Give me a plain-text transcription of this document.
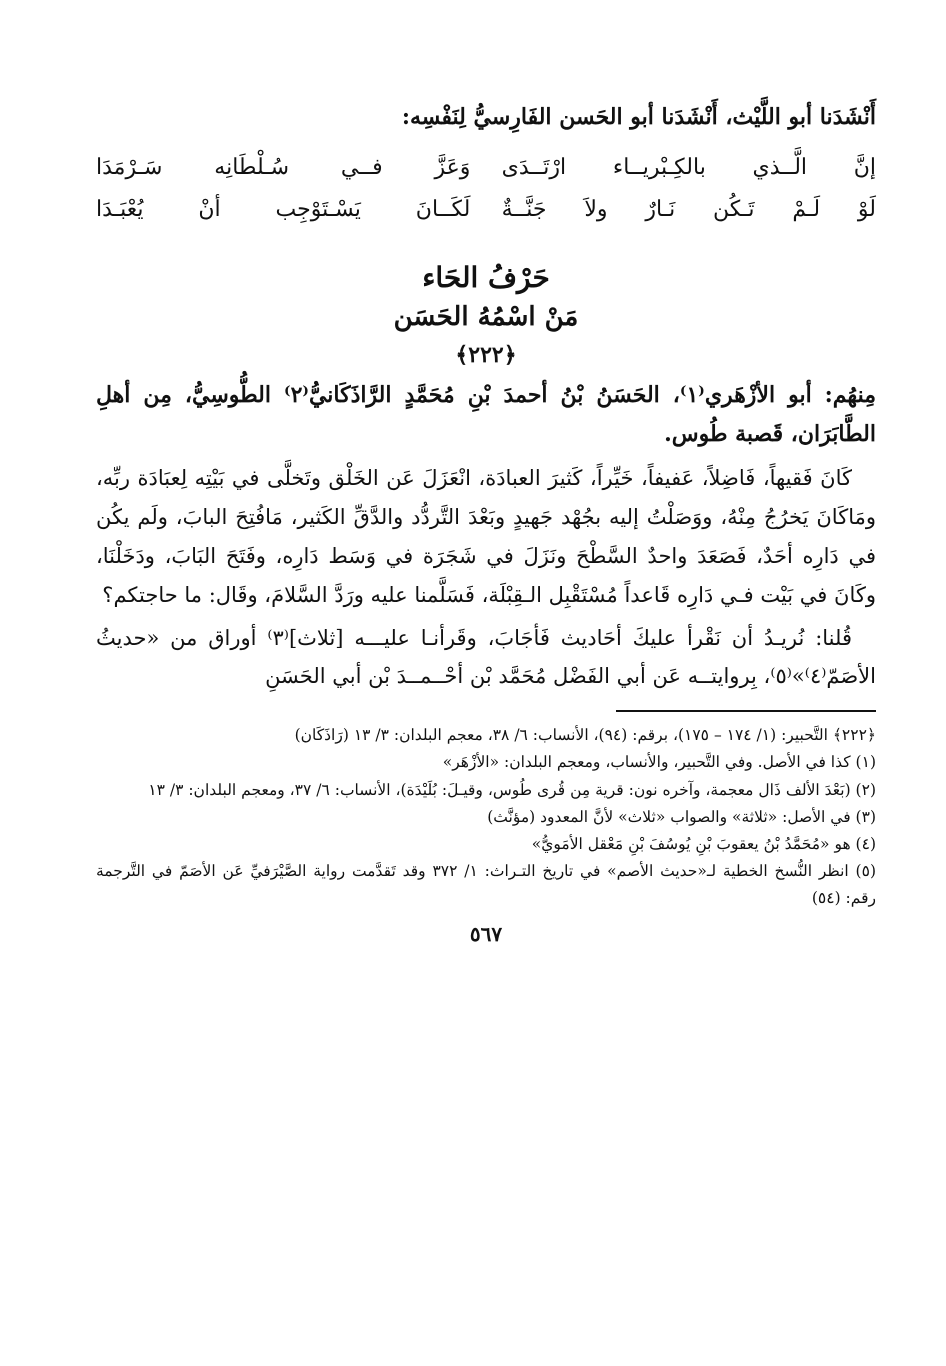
أَنْشَدَنا أبو اللَّيْث، أَنْشَدَنا أبو الحَسن الفَارِسيُّ لِنَفْسِه:

إنَّ الَّــذي بالكِـبْريــاء ارْتَــدَى
وَعَزَّ فــي سُـلْطَانِه سَـرْمَدَا
لَوْ لَـمْ تَـكُن نَـارٌ ولاَ جَنَّــةٌ
لَكَــانَ يَسْـتَوْجِب أنْ يُعْبَـدَا
حَرْفُ الحَاء
مَنْ اسْمُهُ الحَسَن
﴿٢٢٢﴾

مِنهُم: أبو الأزْهَري⁽١⁾، الحَسَنُ بْنُ أحمدَ بْنِ مُحَمَّدٍ الرَّاذَكَانيُّ⁽٢⁾ الطُّوسِيُّ، مِن أهلِ الطَّابَرَان، قَصبة طُوس.

كَانَ فَقيهاً، فَاضِلاً، عَفيفاً، خَيِّراً، كَثيرَ العبادَة، انْعَزَلَ عَن الخَلْق وتَخلَّى في بَيْتِه لِعبَادَة ربِّه، ومَاكَانَ يَخرُجُ مِنْهُ، ووَصَلْتُ إليه بجُهْد جَهيدٍ وبَعْدَ التَّردُّد والدَّقِّ الكَثير، مَافُتِحَ البابَ، ولَم يكُن في دَارِه أحَدٌ، فَصَعَدَ واحدٌ السَّطْحَ ونَزَلَ في شَجَرَة في وَسَط دَارِه، وفَتَحَ البَابَ، ودَخَلْنَا، وكَانَ في بَيْت فـي دَارِه قَاعداً مُسْتَقْبِل الـقِبْلَة، فَسَلَّمنا عليه ورَدَّ السَّلامَ، وقَال: ما حاجتكم؟

قُلنا: نُريـدُ أن نَقْرأ عليكَ أحَاديث فَأجَابَ، وقَرأنـا عليـــه [ثلاث]⁽٣⁾ أوراق من «حديثُ الأصَمّ⁽٤⁾»⁽٥⁾، بِروايتــه عَن أبي الفَضْل مُحَمَّد بْن أحْــمــدَ بْن أبي الحَسَنِ

﴿٢٢٢﴾ التَّحبير: (١/ ١٧٤ – ١٧٥)، برقم: (٩٤)، الأنساب: ٦/ ٣٨، معجم البلدان: ٣/ ١٣ (رَاذَكَان)

(١) كذا في الأصل. وفي التَّحبير، والأنساب، ومعجم البلدان: «الأزْهَر»

(٢) (بَعْدَ الألف ذَال معجمة، وآخره نون: قرية مِن قُرى طُوس، وقيـلَ: بُلَيْدَة)، الأنساب: ٦/ ٣٧، ومعجم البلدان: ٣/ ١٣

(٣) في الأصل: «ثلاثة» والصواب «ثلاث» لأنَّ المعدود (مؤنَّث)

(٤) هو «مُحَمَّدُ بْنُ يعقوبَ بْنِ يُوسُفَ بْنِ مَعْقل الأمَويُّ»

(٥) انظر النُّسخ الخطية لـ«حديث الأصم» في تاريخ التـراث: ١/ ٣٧٢ وقد تَقدَّمت رواية الصَّيْرَفيِّ عَن الأصَمّ في التَّرجمة رقم: (٥٤)

٥٦٧
